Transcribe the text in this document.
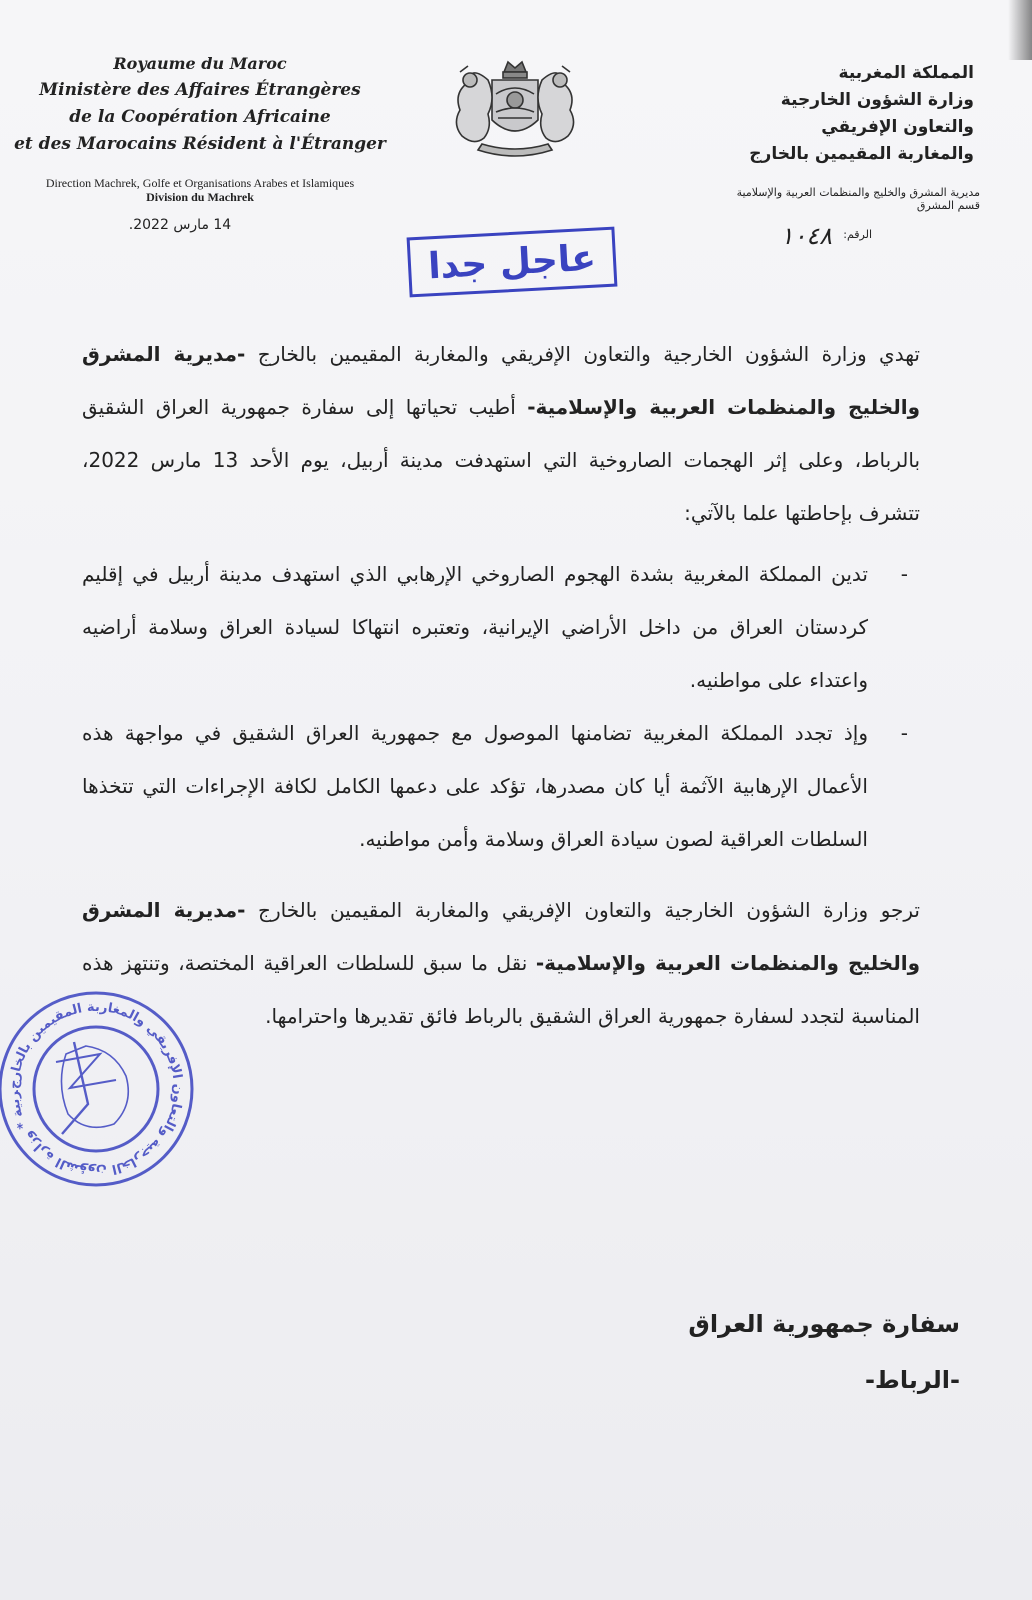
Royaume du Maroc
Ministère des Affaires Étrangères
de la Coopération Africaine
et des Marocains Résident à l'Étranger
Direction Machrek, Golfe et Organisations Arabes et Islamiques
Division du Machrek
14 مارس 2022.
المملكة المغربية
وزارة الشؤون الخارجية
والتعاون الإفريقي
والمغاربة المقيمين بالخارج
مديرية المشرق والخليج والمنظمات العربية والإسلامية
قسم المشرق
الرقم:
١٠٤٨
عاجل جدا

تهدي وزارة الشؤون الخارجية والتعاون الإفريقي والمغاربة المقيمين بالخارج -مديرية المشرق والخليج والمنظمات العربية والإسلامية- أطيب تحياتها إلى سفارة جمهورية العراق الشقيق بالرباط، وعلى إثر الهجمات الصاروخية التي استهدفت مدينة أربيل، يوم الأحد 13 مارس 2022، تتشرف بإحاطتها علما بالآتي:

-
تدين المملكة المغربية بشدة الهجوم الصاروخي الإرهابي الذي استهدف مدينة أربيل في إقليم كردستان العراق من داخل الأراضي الإيرانية، وتعتبره انتهاكا لسيادة العراق وسلامة أراضيه واعتداء على مواطنيه.
-
وإذ تجدد المملكة المغربية تضامنها الموصول مع جمهورية العراق الشقيق في مواجهة هذه الأعمال الإرهابية الآثمة أيا كان مصدرها، تؤكد على دعمها الكامل لكافة الإجراءات التي تتخذها السلطات العراقية لصون سيادة العراق وسلامة وأمن مواطنيه.

ترجو وزارة الشؤون الخارجية والتعاون الإفريقي والمغاربة المقيمين بالخارج -مديرية المشرق والخليج والمنظمات العربية والإسلامية- نقل ما سبق للسلطات العراقية المختصة، وتنتهز هذه المناسبة لتجدد لسفارة جمهورية العراق الشقيق بالرباط فائق تقديرها واحترامها.

ربية * وزارة الشؤون الخارجية والتعاون الإفريقي والمغاربة المقيمين بالخارج
سفارة جمهورية العراق
-الرباط-
